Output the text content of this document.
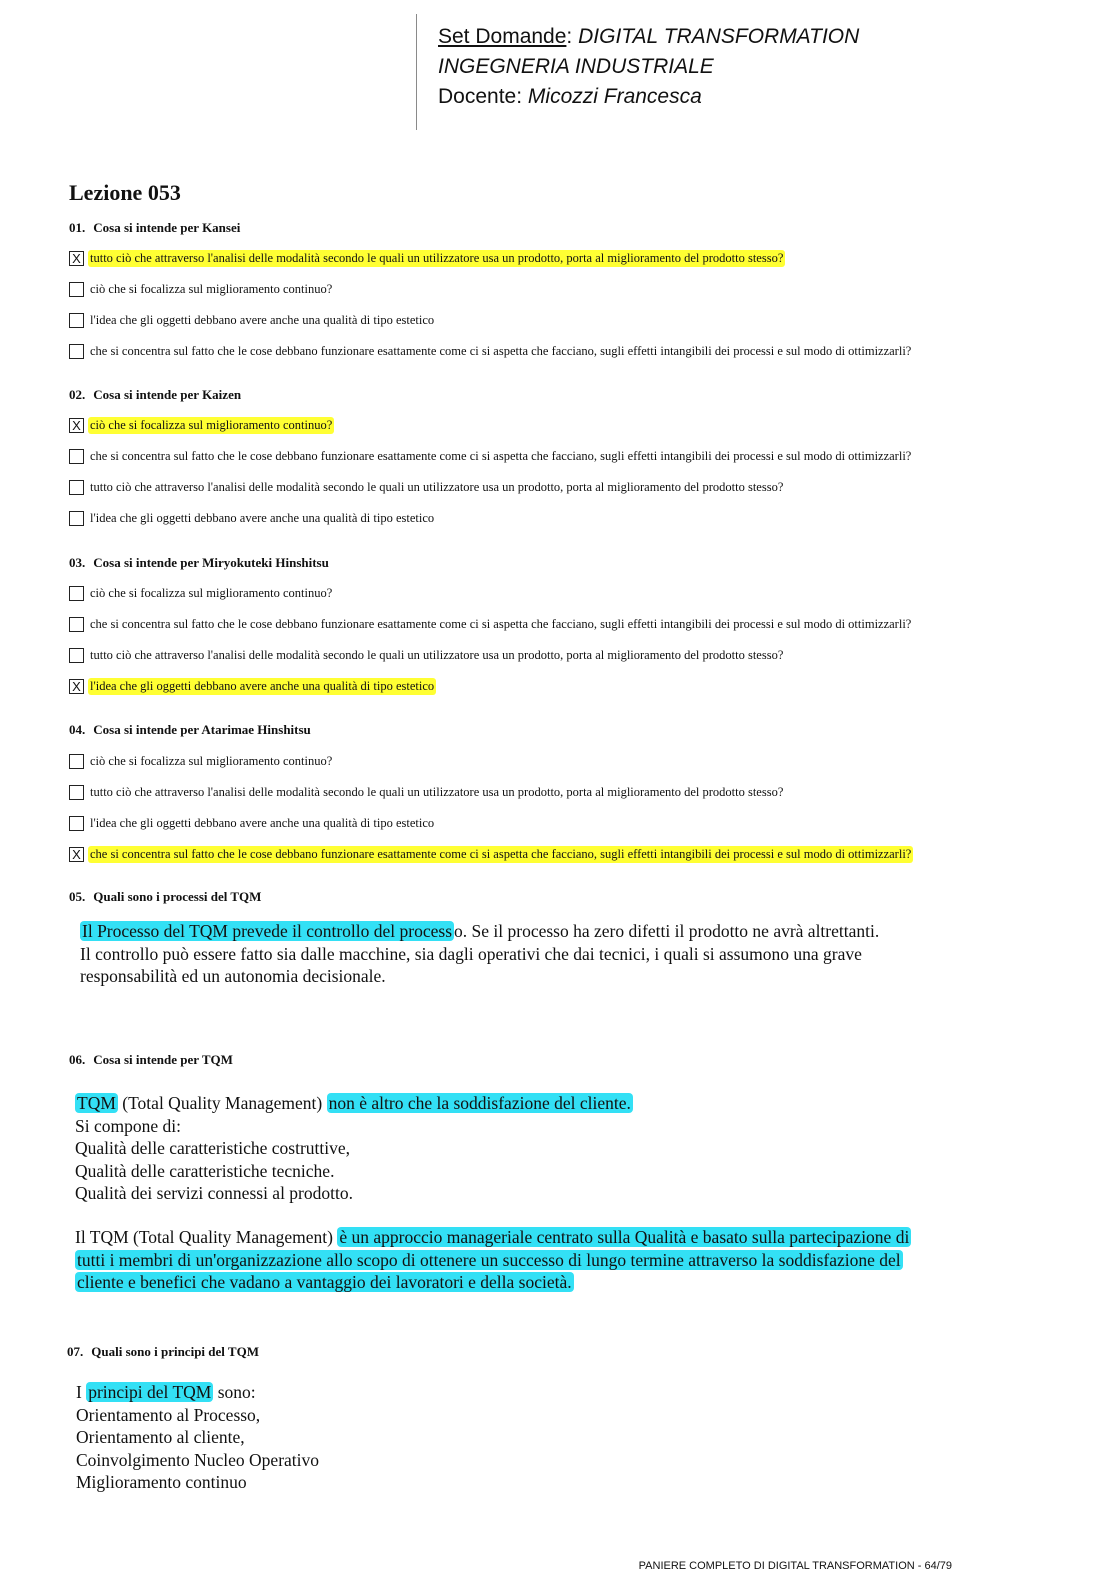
Set Domande: DIGITAL TRANSFORMATION
INGEGNERIA INDUSTRIALE
Docente: Micozzi Francesca
Lezione 053
01. Cosa si intende per Kansei
X tutto ciò che attraverso l'analisi delle modalità secondo le quali un utilizzatore usa un prodotto, porta al miglioramento del prodotto stesso?
ciò che si focalizza sul miglioramento continuo?
l'idea che gli oggetti debbano avere anche una qualità di tipo estetico
che si concentra sul fatto che le cose debbano funzionare esattamente come ci si aspetta che facciano, sugli effetti intangibili dei processi e sul modo di ottimizzarli?
02. Cosa si intende per Kaizen
X ciò che si focalizza sul miglioramento continuo?
che si concentra sul fatto che le cose debbano funzionare esattamente come ci si aspetta che facciano, sugli effetti intangibili dei processi e sul modo di ottimizzarli?
tutto ciò che attraverso l'analisi delle modalità secondo le quali un utilizzatore usa un prodotto, porta al miglioramento del prodotto stesso?
l'idea che gli oggetti debbano avere anche una qualità di tipo estetico
03. Cosa si intende per Miryokuteki Hinshitsu
ciò che si focalizza sul miglioramento continuo?
che si concentra sul fatto che le cose debbano funzionare esattamente come ci si aspetta che facciano, sugli effetti intangibili dei processi e sul modo di ottimizzarli?
tutto ciò che attraverso l'analisi delle modalità secondo le quali un utilizzatore usa un prodotto, porta al miglioramento del prodotto stesso?
X l'idea che gli oggetti debbano avere anche una qualità di tipo estetico
04. Cosa si intende per Atarimae Hinshitsu
ciò che si focalizza sul miglioramento continuo?
tutto ciò che attraverso l'analisi delle modalità secondo le quali un utilizzatore usa un prodotto, porta al miglioramento del prodotto stesso?
l'idea che gli oggetti debbano avere anche una qualità di tipo estetico
X che si concentra sul fatto che le cose debbano funzionare esattamente come ci si aspetta che facciano, sugli effetti intangibili dei processi e sul modo di ottimizzarli?
05. Quali sono i processi del TQM
Il Processo del TQM prevede il controllo del process o. Se il processo ha zero difetti il prodotto ne avrà altrettanti.
Il controllo può essere fatto sia dalle macchine, sia dagli operativi che dai tecnici, i quali si assumono una grave
responsabilità ed un autonomia decisionale.
06. Cosa si intende per TQM
TQM (Total Quality Management) non è altro che la soddisfazione del cliente.
Si compone di:
Qualità delle caratteristiche costruttive,
Qualità delle caratteristiche tecniche.
Qualità dei servizi connessi al prodotto.
Il TQM (Total Quality Management) è un approccio manageriale centrato sulla Qualità e basato sulla partecipazione di
tutti i membri di un'organizzazione allo scopo di ottenere un successo di lungo termine attraverso la soddisfazione del
cliente e benefici che vadano a vantaggio dei lavoratori e della società.
07. Quali sono i principi del TQM
I principi del TQM sono:
Orientamento al Processo,
Orientamento al cliente,
Coinvolgimento Nucleo Operativo
Miglioramento continuo
PANIERE COMPLETO DI DIGITAL TRANSFORMATION - 64/79
